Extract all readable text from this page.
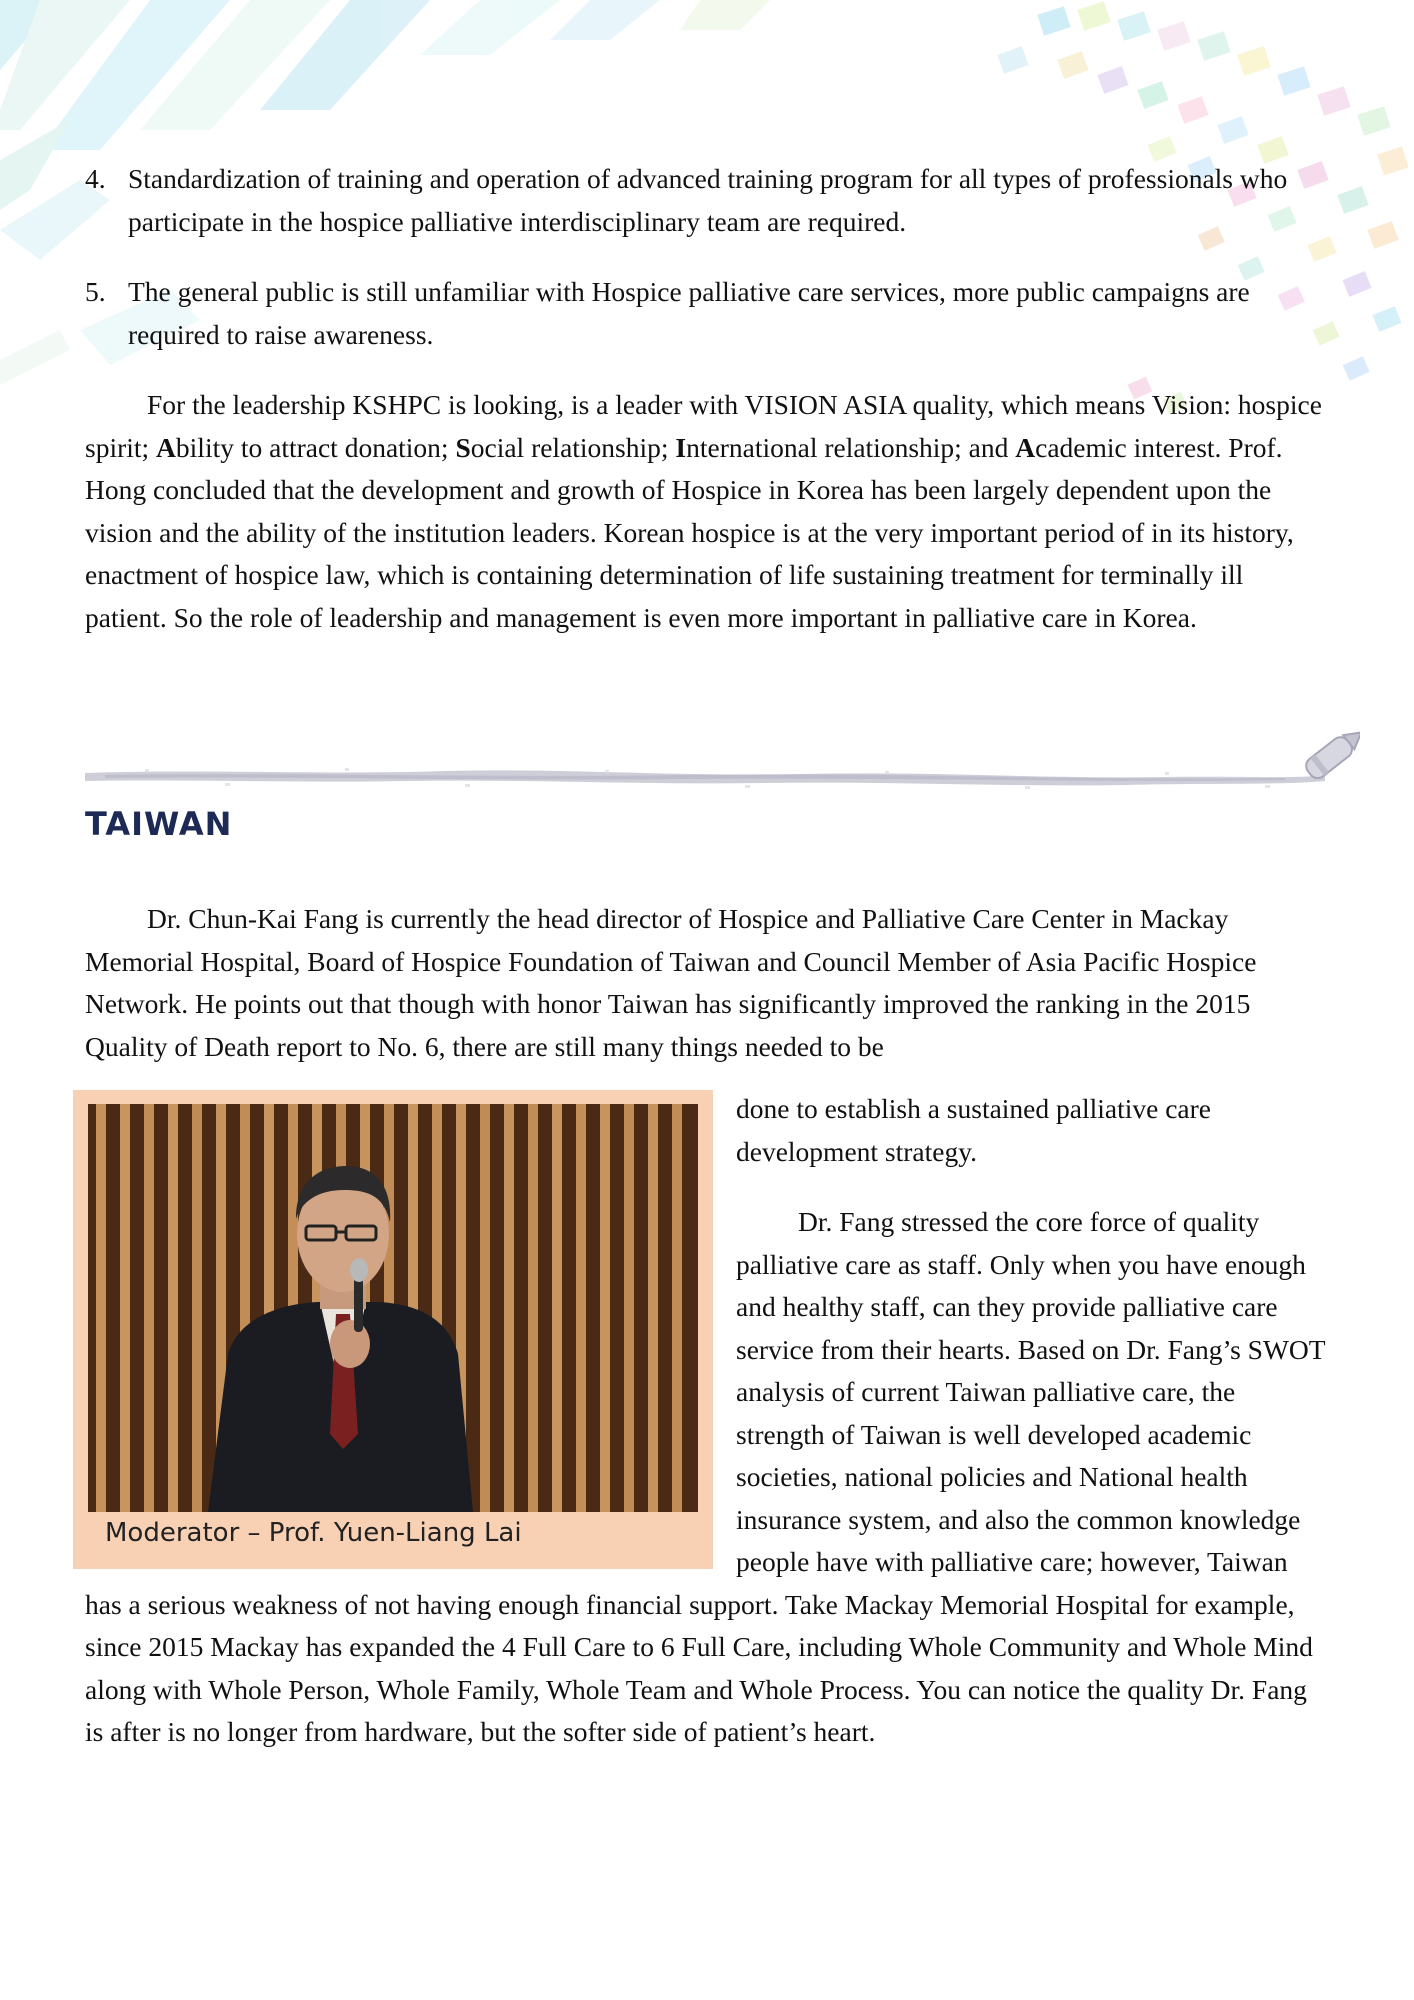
4. Standardization of training and operation of advanced training program for all types of professionals who participate in the hospice palliative interdisciplinary team are required.
5. The general public is still unfamiliar with Hospice palliative care services, more public campaigns are required to raise awareness.

For the leadership KSHPC is looking, is a leader with VISION ASIA quality, which means Vision: hospice spirit; Ability to attract donation; Social relationship; International relationship; and Academic interest. Prof. Hong concluded that the development and growth of Hospice in Korea has been largely dependent upon the vision and the ability of the institution leaders. Korean hospice is at the very important period of in its history, enactment of hospice law, which is containing determination of life sustaining treatment for terminally ill patient. So the role of leadership and management is even more important in palliative care in Korea.

TAIWAN

Dr. Chun-Kai Fang is currently the head director of Hospice and Palliative Care Center in Mackay Memorial Hospital, Board of Hospice Foundation of Taiwan and Council Member of Asia Pacific Hospice Network. He points out that though with honor Taiwan has significantly improved the ranking in the 2015 Quality of Death report to No. 6, there are still many things needed to be

Moderator – Prof. Yuen-Liang Lai

done to establish a sustained palliative care development strategy.

Dr. Fang stressed the core force of quality palliative care as staff. Only when you have enough and healthy staff, can they provide palliative care service from their hearts. Based on Dr. Fang’s SWOT analysis of current Taiwan palliative care, the strength of Taiwan is well developed academic societies, national policies and National health insurance system, and also the common knowledge people have with palliative care; however, Taiwan has a serious weakness of not having enough financial support. Take Mackay Memorial Hospital for example, since 2015 Mackay has expanded the 4 Full Care to 6 Full Care, including Whole Community and Whole Mind along with Whole Person, Whole Family, Whole Team and Whole Process. You can notice the quality Dr. Fang is after is no longer from hardware, but the softer side of patient’s heart.
